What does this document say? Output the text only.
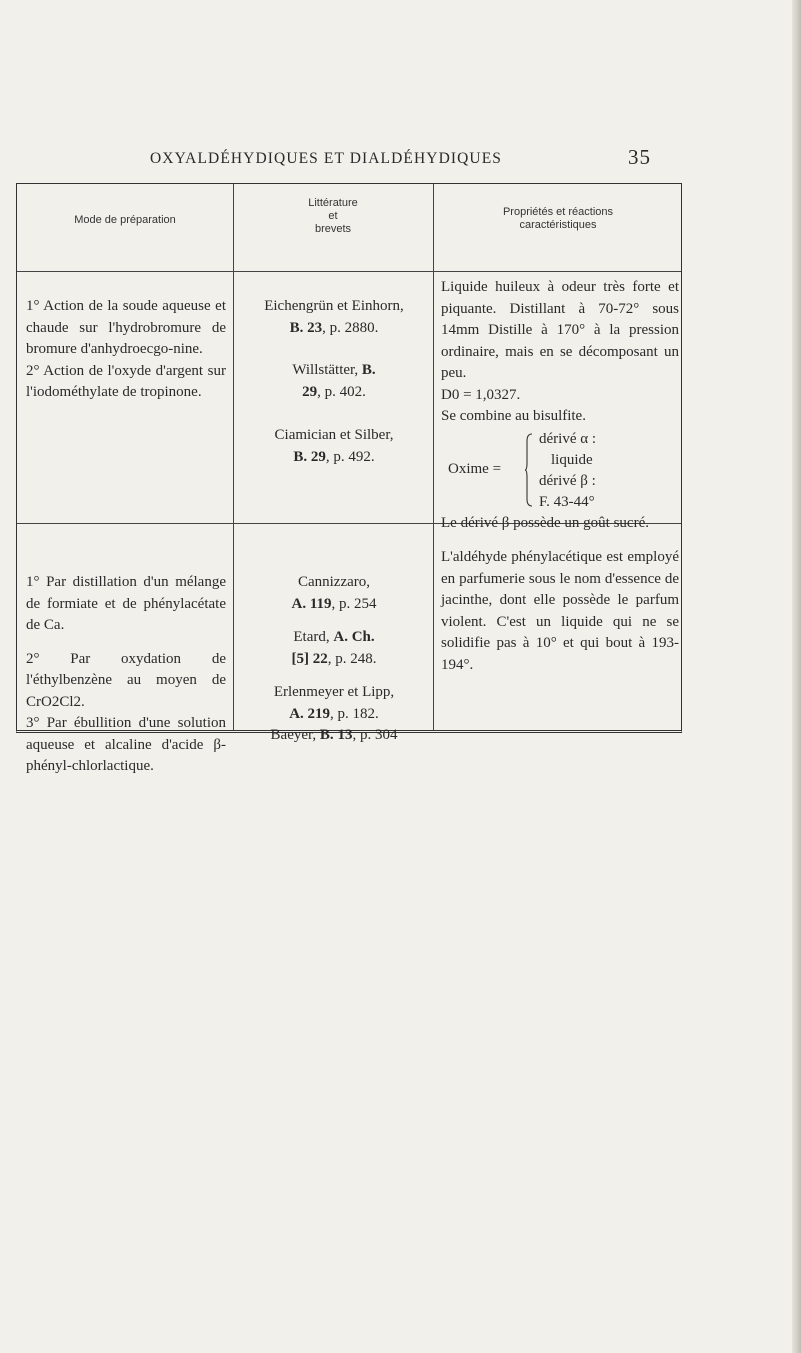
OXYALDÉHYDIQUES ET DIALDÉHYDIQUES	35
Mode de préparation
Littérature
et
brevets
Propriétés et réactions
caractéristiques
1° Action de la soude aqueuse et chaude sur l'hydrobromure de bromure d'anhydroecgo-nine.
2° Action de l'oxyde d'argent sur l'iodométhylate de tropinone.
Eichengrün et Einhorn,
B. 23, p. 2880.
Willstätter, B.
29, p. 402.
Ciamician et Silber,
B. 29, p. 492.
Liquide huileux à odeur très forte et piquante. Distillant à 70-72° sous 14mm Distille à 170° à la pression ordinaire, mais en se décomposant un peu.
D0 = 1,0327.
Se combine au bisulfite.
Oxime =
dérivé α :
liquide
dérivé β :
F. 43-44°
Le dérivé β possède un goût sucré.
1° Par distillation d'un mélange de formiate et de phénylacétate de Ca.
2° Par oxydation de l'éthylbenzène au moyen de CrO2Cl2.
3° Par ébullition d'une solution aqueuse et alcaline d'acide β-phényl-chlorlactique.
Cannizzaro,
A. 119, p. 254
Etard, A. Ch.
[5] 22, p. 248.
Erlenmeyer et Lipp,
A. 219, p. 182.
Baeyer, B. 13, p. 304
L'aldéhyde phénylacétique est employé en parfumerie sous le nom d'essence de jacinthe, dont elle possède le parfum violent. C'est un liquide qui ne se solidifie pas à 10° et qui bout à 193-194°.
